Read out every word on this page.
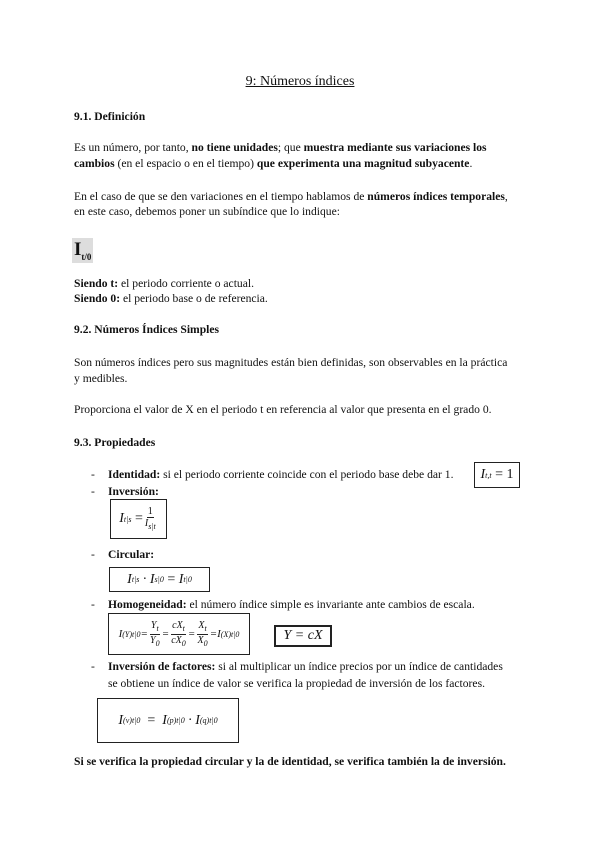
9: Números índices
9.1. Definición
Es un número, por tanto, no tiene unidades; que muestra mediante sus variaciones los
cambios (en el espacio o en el tiempo) que experimenta una magnitud subyacente.
En el caso de que se den variaciones en el tiempo hablamos de números índices temporales,
en este caso, debemos poner un subíndice que lo indique:
$I_{t/0}$
Siendo t: el periodo corriente o actual.
Siendo 0: el periodo base o de referencia.
9.2. Números Índices Simples
Son números índices pero sus magnitudes están bien definidas, son observables en la práctica
y medibles.
Proporciona el valor de X en el periodo t en referencia al valor que presenta en el grado 0.
9.3. Propiedades
- Identidad: si el periodo corriente coincide con el periodo base debe dar 1.	I t,t
= 1
- Inversión:
I t|s
= $\frac{1}{I_{s|t}}$
- Circular:
I t|s · I s|0
= I t|0
- Homogeneidad: el número índice simple es invariante ante cambios de escala.
I (Y) $t|0 = \frac{Y_t}{Y_0} = \frac{cX_t}{cX_0} = \frac{X_t}{X_0} =I$ (X) t|0	Y = cX
- Inversión de factores: si al multiplicar un índice precios por un índice de cantidades
se obtiene un índice de valor se verifica la propiedad de inversión de los factores.
I (v) t|0
= I (p) t|0 · I (q) t|0
Si se verifica la propiedad circular y la de identidad, se verifica también la de inversión.
